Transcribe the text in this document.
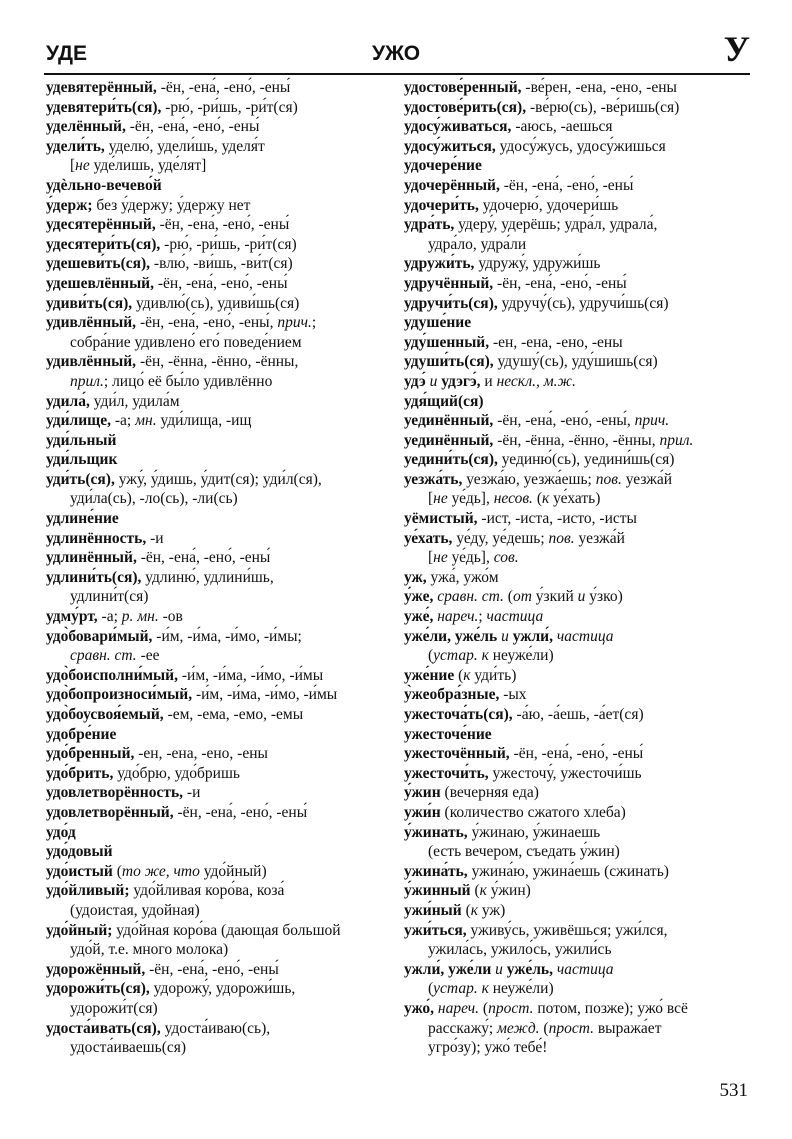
УЖО
УДЕ	У
удевятерённый, -ён, -ена́, -ено́, -ены́
удевятери́ть(ся), -рю́, -ри́шь, -ри́т(ся)
уделённый, -ён, -ена́, -ено́, -ены́
удели́ть, уделю́, удели́шь, уделя́т
[не уде́лишь, уде́лят]
удѐльно-вечево́й
у́держ; без у́держу; у́держу нет
удесятерённый, -ён, -ена́, -ено́, -ены́
удесятери́ть(ся), -рю́, -ри́шь, -ри́т(ся)
удешеви́ть(ся), -влю́, -ви́шь, -ви́т(ся)
удешевлённый, -ён, -ена́, -ено́, -ены́
удиви́ть(ся), удивлю́(сь), удиви́шь(ся)
удивлённый, -ён, -ена́, -ено́, -ены́, прич.;
собра́ние удивлено́ его́ поведе́нием
удивлённый, -ён, -ённа, -ённо, -ённы,
прил.; лицо́ её бы́ло удивлённо
удила́, уди́л, удила́м
уди́лище, -а; мн. уди́лища, -ищ
уди́льный
уди́льщик
уди́ть(ся), ужу́, у́дишь, у́дит(ся); уди́л(ся),
уди́ла(сь), -ло(сь), -ли(сь)
удлине́ние
удлинённость, -и
удлинённый, -ён, -ена́, -ено́, -ены́
удлини́ть(ся), удлиню́, удлини́шь,
удлини́т(ся)
удму́рт, -а; р. мн. -ов
удо̀бовари́мый, -и́м, -и́ма, -и́мо, -и́мы;
сравн. ст. -ее
удо̀боисполни́мый, -и́м, -и́ма, -и́мо, -и́мы
удо̀бопроизноси́мый, -и́м, -и́ма, -и́мо, -и́мы
удо̀боусвоя́емый, -ем, -ема, -емо, -емы
удобре́ние
удо́бренный, -ен, -ена, -ено, -ены
удо́брить, удо́брю, удо́бришь
удовлетворённость, -и
удовлетворённый, -ён, -ена́, -ено́, -ены́
удо́д
удо́довый
удо́истый (то же, что удо́йный)
удо́йливый; удо́йливая коро́ва, коза́
(удоистая, удойная)
удо́йный; удо́йная коро́ва (дающая большой
удо́й, т.е. много молока)
удорожённый, -ён, -ена́, -ено́, -ены́
удорожи́ть(ся), удорожу́, удорожи́шь,
удорожи́т(ся)
удоста́ивать(ся), удоста́иваю(сь),
удоста́иваешь(ся)
удостове́ренный, -ве́рен, -ена, -ено, -ены
удостове́рить(ся), -ве́рю(сь), -ве́ришь(ся)
удосу́живаться, -аюсь, -аешься
удосу́житься, удосу́жусь, удосу́жишься
удочере́ние
удочерённый, -ён, -ена́, -ено́, -ены́
удочери́ть, удочерю́, удочери́шь
удра́ть, удеру́, удерёшь; удра́л, удрала́,
удра́ло, удра́ли
удружи́ть, удружу́, удружи́шь
удручённый, -ён, -ена́, -ено́, -ены́
удручи́ть(ся), удручу́(сь), удручи́шь(ся)
удуше́ние
уду́шенный, -ен, -ена, -ено, -ены
удуши́ть(ся), удушу́(сь), уду́шишь(ся)
удэ́ и удэгэ́, и нескл., м.ж.
удя́щий(ся)
уединённый, -ён, -ена́, -ено́, -ены́, прич.
уединённый, -ён, -ённа, -ённо, -ённы, прил.
уедини́ть(ся), уединю́(сь), уедини́шь(ся)
уезжа́ть, уезжа́ю, уезжа́ешь; пов. уезжа́й
[не уе́дь], несов. (к уе́хать)
уёмистый, -ист, -иста, -исто, -исты
уе́хать, уе́ду, уе́дешь; пов. уезжа́й
[не уе́дь], сов.
уж, ужа́, ужо́м
у́же, сравн. ст. (от у́зкий и у́зко)
уже́, нареч.; частица
уже́ли, уже́ль и ужли́, частица
(устар. к неуже́ли)
уже́ние (к уди́ть)
у̀жеобра́зные, -ых
ужесточа́ть(ся), -а́ю, -а́ешь, -а́ет(ся)
ужесточе́ние
ужесточённый, -ён, -ена́, -ено́, -ены́
ужесточи́ть, ужесточу́, ужесточи́шь
у́жин (вечерняя еда)
ужи́н (количество сжатого хлеба)
у́жинать, у́жинаю, у́жинаешь
(есть вечером, съедать у́жин)
ужина́ть, ужина́ю, ужина́ешь (сжинать)
у́жинный (к у́жин)
ужи́ный (к уж)
ужи́ться, уживу́сь, уживёшься; ужи́лся,
ужила́сь, ужило́сь, ужили́сь
ужли́, уже́ли и уже́ль, частица
(устар. к неуже́ли)
ужо́, нареч. (прост. потом, позже); ужо́ всё
расскажу́; межд. (прост. выража́ет
угро́зу); ужо́ тебе́!
531
